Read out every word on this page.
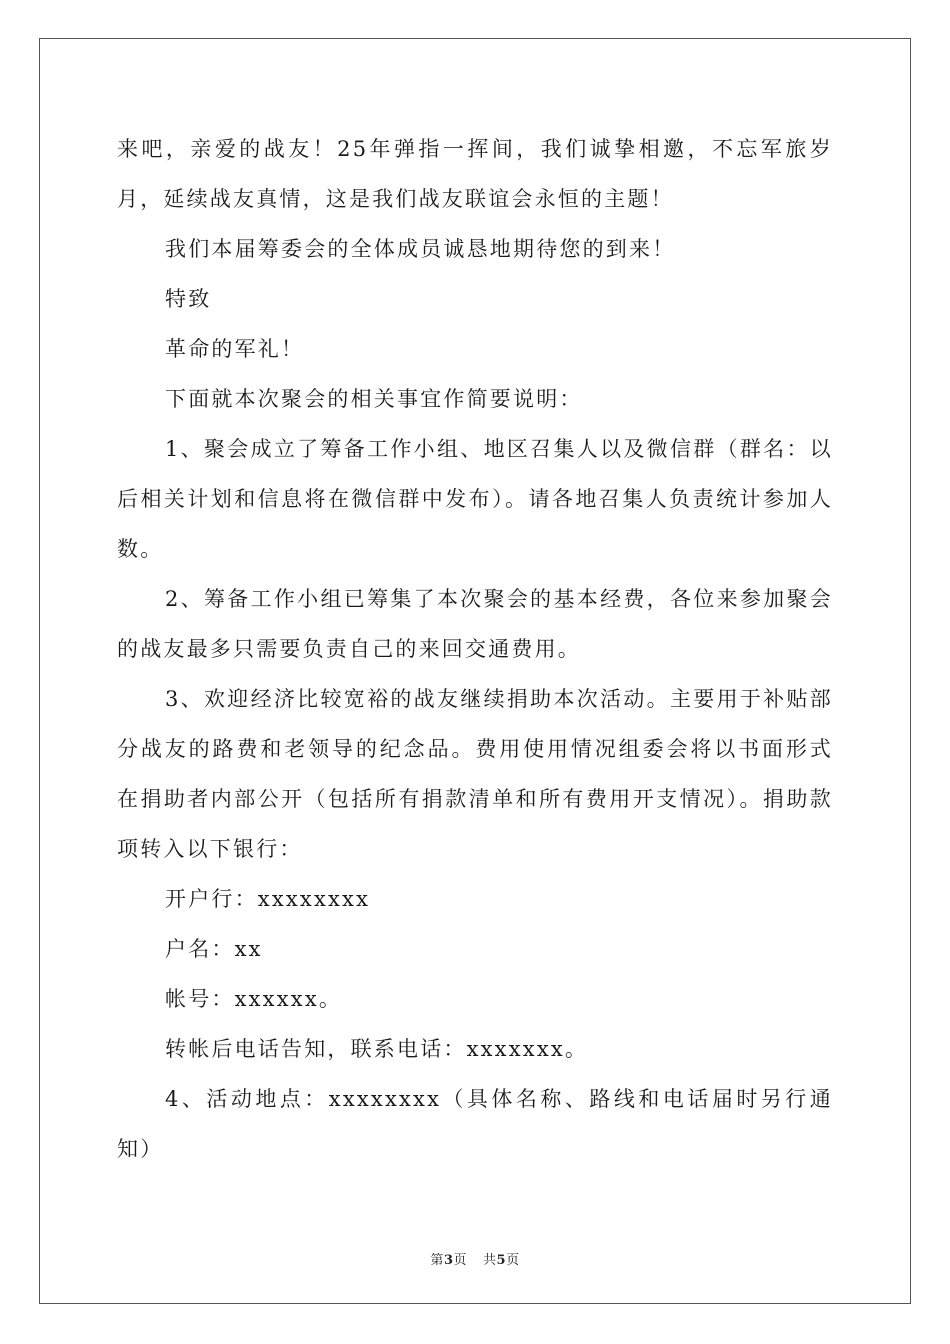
来吧，亲爱的战友！25年弹指一挥间，我们诚挚相邀，不忘军旅岁月，延续战友真情，这是我们战友联谊会永恒的主题！

我们本届筹委会的全体成员诚恳地期待您的到来！

特致

革命的军礼！

下面就本次聚会的相关事宜作简要说明：

1、聚会成立了筹备工作小组、地区召集人以及微信群（群名：以后相关计划和信息将在微信群中发布）。请各地召集人负责统计参加人数。

2、筹备工作小组已筹集了本次聚会的基本经费，各位来参加聚会的战友最多只需要负责自己的来回交通费用。

3、欢迎经济比较宽裕的战友继续捐助本次活动。主要用于补贴部分战友的路费和老领导的纪念品。费用使用情况组委会将以书面形式在捐助者内部公开（包括所有捐款清单和所有费用开支情况）。捐助款项转入以下银行：

开户行：xxxxxxxx

户名：xx

帐号：xxxxxx。

转帐后电话告知，联系电话：xxxxxxx。

4、活动地点：xxxxxxxx（具体名称、路线和电话届时另行通知）

第3页 共5页
